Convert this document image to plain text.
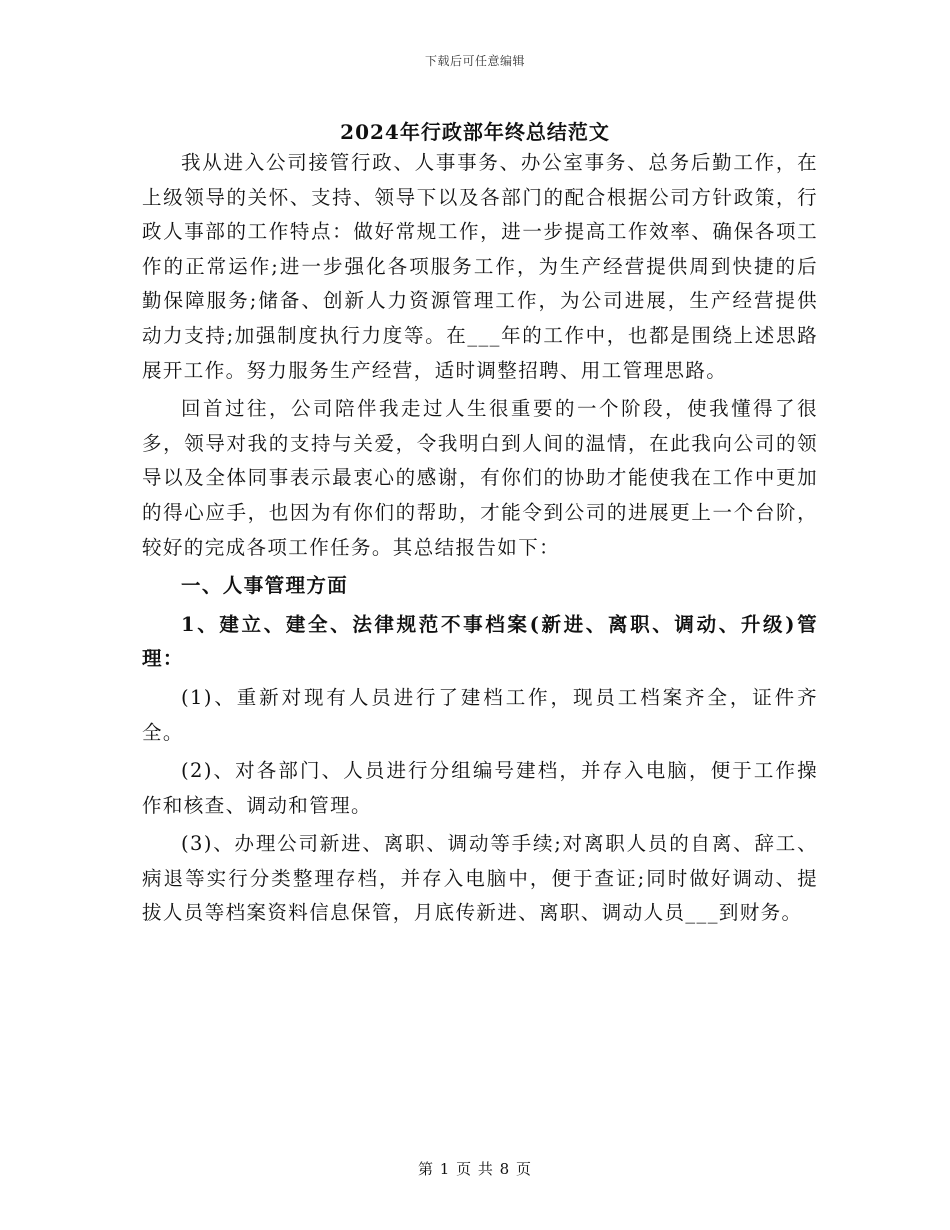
下载后可任意编辑
2024年行政部年终总结范文

我从进入公司接管行政、人事事务、办公室事务、总务后勤工作，在上级领导的关怀、支持、领导下以及各部门的配合根据公司方针政策，行政人事部的工作特点：做好常规工作，进一步提高工作效率、确保各项工作的正常运作;进一步强化各项服务工作，为生产经营提供周到快捷的后勤保障服务;储备、创新人力资源管理工作，为公司进展，生产经营提供动力支持;加强制度执行力度等。在___年的工作中，也都是围绕上述思路展开工作。努力服务生产经营，适时调整招聘、用工管理思路。

回首过往，公司陪伴我走过人生很重要的一个阶段，使我懂得了很多，领导对我的支持与关爱，令我明白到人间的温情，在此我向公司的领导以及全体同事表示最衷心的感谢，有你们的协助才能使我在工作中更加的得心应手，也因为有你们的帮助，才能令到公司的进展更上一个台阶，较好的完成各项工作任务。其总结报告如下：

一、人事管理方面

1、建立、建全、法律规范不事档案(新进、离职、调动、升级)管理：

(1)、重新对现有人员进行了建档工作，现员工档案齐全，证件齐全。

(2)、对各部门、人员进行分组编号建档，并存入电脑，便于工作操作和核查、调动和管理。

(3)、办理公司新进、离职、调动等手续;对离职人员的自离、辞工、病退等实行分类整理存档，并存入电脑中，便于查证;同时做好调动、提拔人员等档案资料信息保管，月底传新进、离职、调动人员___到财务。

第 1 页 共 8 页
